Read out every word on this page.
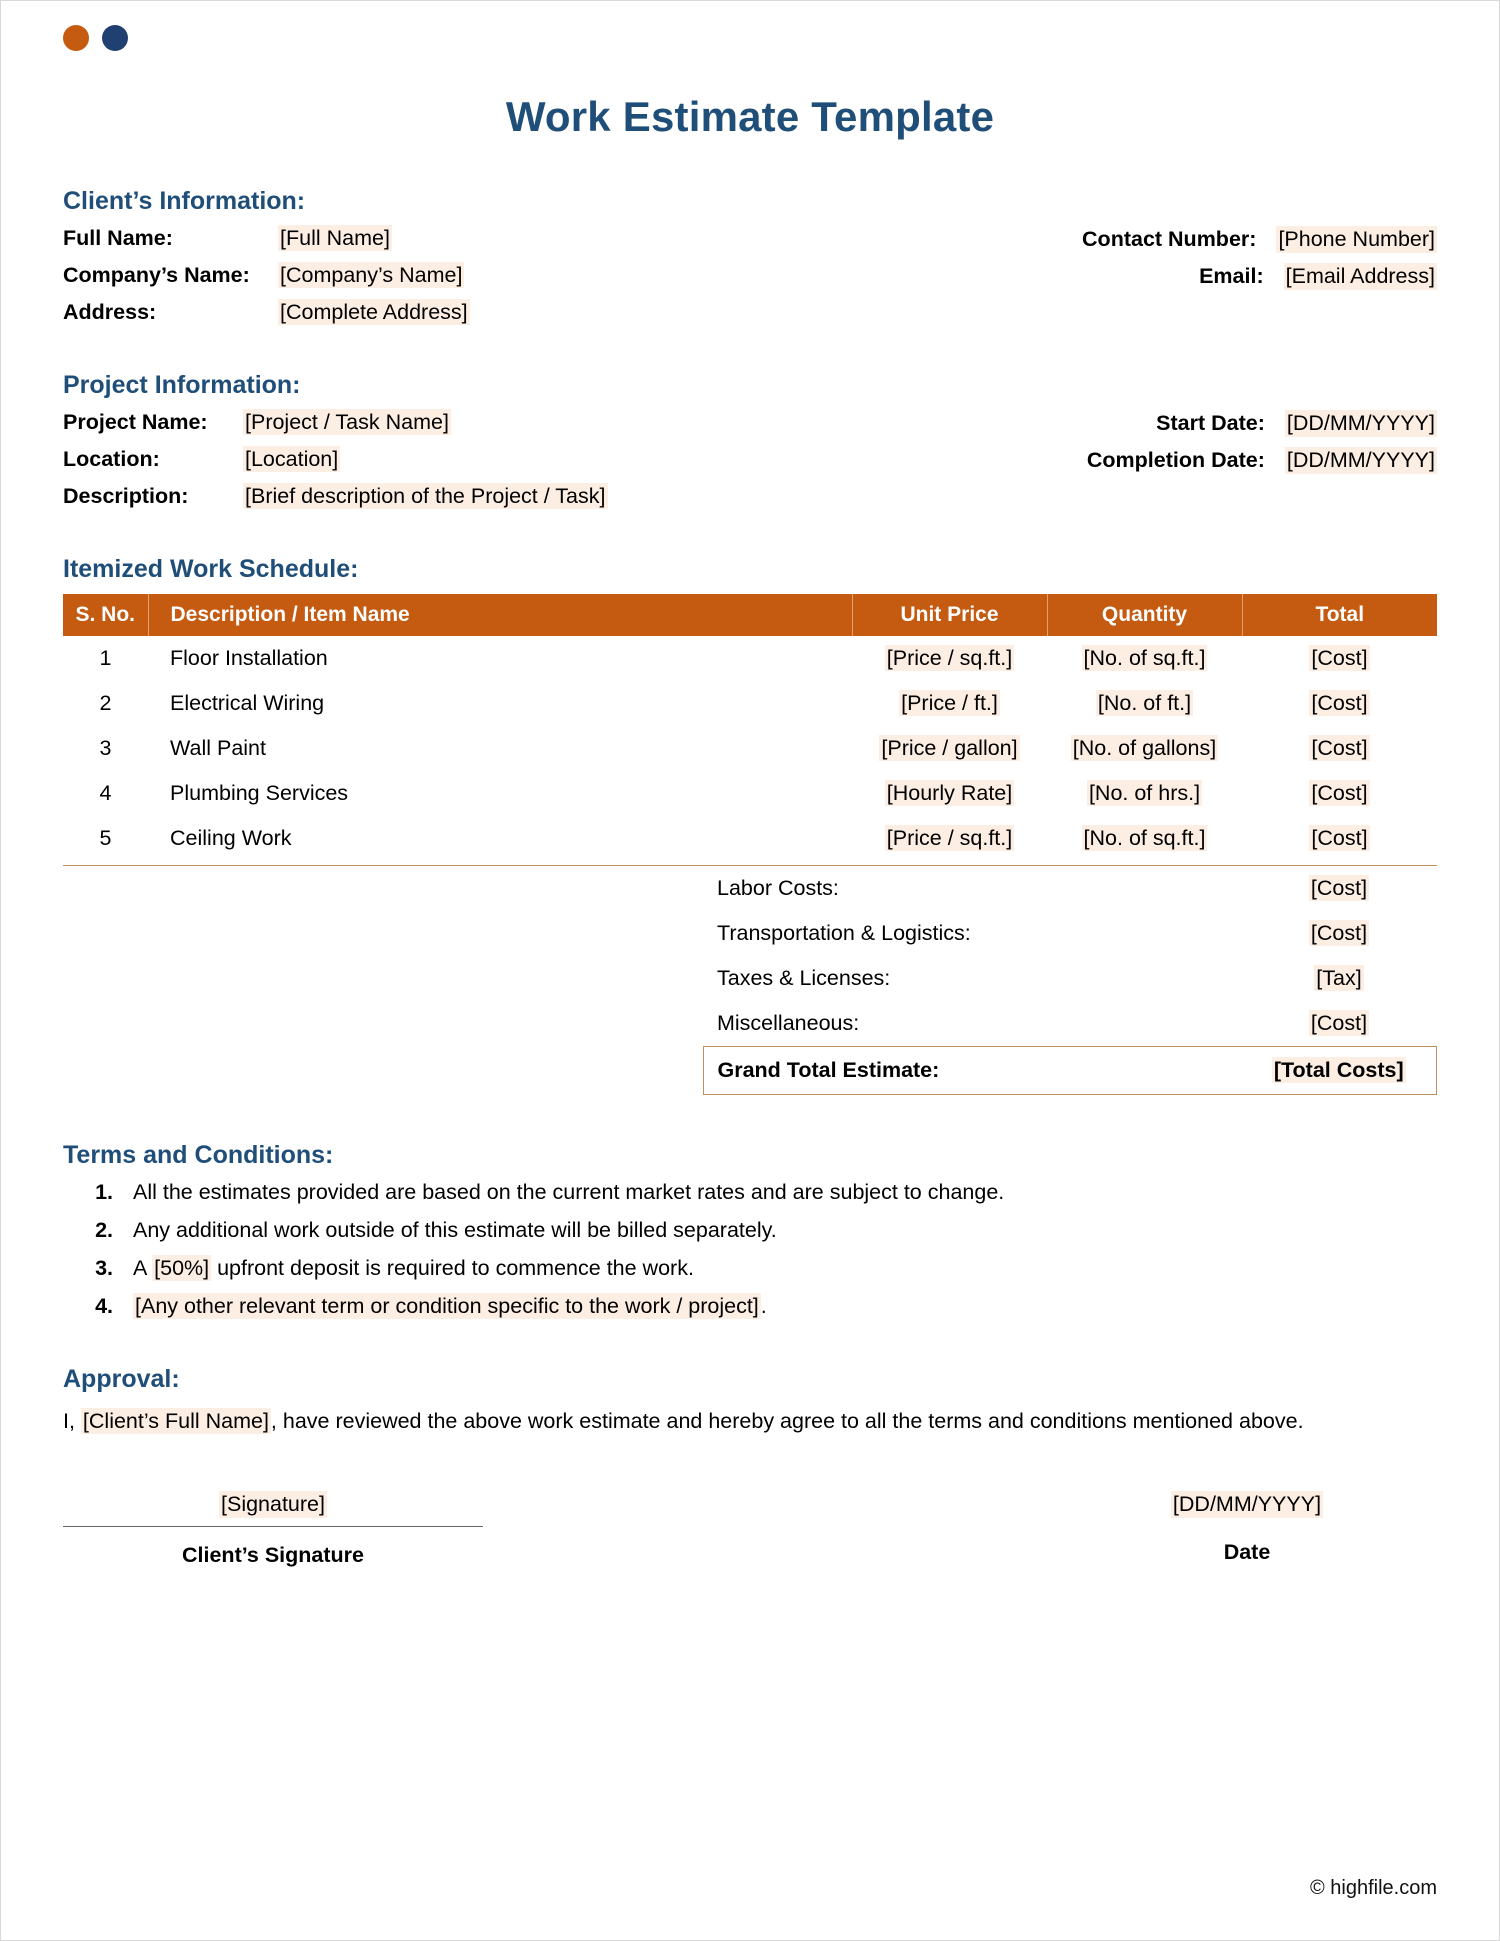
Work Estimate Template
Client’s Information:
Full Name:	[Full Name]	Contact Number: [Phone Number]
Company’s Name:	[Company’s Name]	Email: [Email Address]
Address:	[Complete Address]
Project Information:
Project Name:	[Project / Task Name]	Start Date: [DD/MM/YYYY]
Location:	[Location]	Completion Date: [DD/MM/YYYY]
Description:	[Brief description of the Project / Task]
Itemized Work Schedule:
S. No.	Description / Item Name	Unit Price	Quantity	Total
1	Floor Installation	[Price / sq.ft.]	[No. of sq.ft.]	[Cost]
2	Electrical Wiring	[Price / ft.]	[No. of ft.]	[Cost]
3	Wall Paint	[Price / gallon]	[No. of gallons]	[Cost]
4	Plumbing Services	[Hourly Rate]	[No. of hrs.]	[Cost]
5	Ceiling Work	[Price / sq.ft.]	[No. of sq.ft.]	[Cost]
	Labor Costs:	[Cost]
	Transportation & Logistics:	[Cost]
	Taxes & Licenses:	[Tax]
	Miscellaneous:	[Cost]
	Grand Total Estimate:	[Total Costs]
Terms and Conditions:
1. All the estimates provided are based on the current market rates and are subject to change.
2. Any additional work outside of this estimate will be billed separately.
3. A [50%] upfront deposit is required to commence the work.
4. [Any other relevant term or condition specific to the work / project].
Approval:
I, [Client’s Full Name], have reviewed the above work estimate and hereby agree to all the terms and conditions mentioned above.
[Signature]
Client’s Signature
[DD/MM/YYYY]
Date
© highfile.com
